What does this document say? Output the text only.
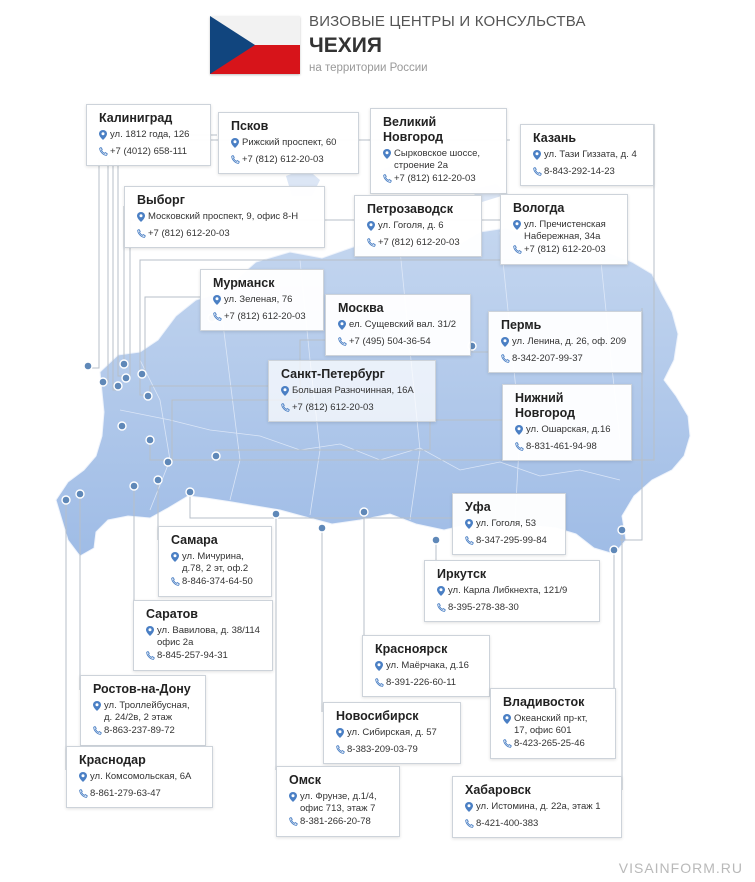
ВИЗОВЫЕ ЦЕНТРЫ И КОНСУЛЬСТВА
ЧЕХИЯ
на территории России
Калиниград
ул. 1812 года, 126
+7 (4012) 658-111
Псков
Рижский проспект, 60
+7 (812) 612-20-03
Великий Новгород
Сырковское шоссе,
строение 2а
+7 (812) 612-20-03
Казань
ул. Тази Гиззата, д. 4
8-843-292-14-23
Выборг
Московский проспект, 9, офис 8-Н
+7 (812) 612-20-03
Петрозаводск
ул. Гоголя, д. 6
+7 (812) 612-20-03
Вологда
ул. Пречистенская
Набережная, 34а
+7 (812) 612-20-03
Мурманск
ул. Зеленая, 76
+7 (812) 612-20-03
Москва
ел. Сущевский вал. 31/2
+7 (495) 504-36-54
Пермь
ул. Ленина, д. 26, оф. 209
8-342-207-99-37
Санкт-Петербург
Большая Разночинная, 16А
+7 (812) 612-20-03
Нижний Новгород
ул. Ошарская, д.16
8-831-461-94-98
Уфа
ул. Гоголя, 53
8-347-295-99-84
Самара
ул. Мичурина,
д.78, 2 эт, оф.2
8-846-374-64-50
Иркутск
ул. Карла Либкнехта, 121/9
8-395-278-38-30
Саратов
ул. Вавилова, д. 38/114
офис 2а
8-845-257-94-31	Красноярск
ул. Маёрчака, д.16
8-391-226-60-11
Ростов-на-Дону
ул. Троллейбусная,
д. 24/2в, 2 этаж
8-863-237-89-72
Владивосток
Океанский пр-кт,
17, офис 601
8-423-265-25-46
Новосибирск
ул. Сибирская, д. 57
8-383-209-03-79
Краснодар
ул. Комсомольская, 6А
8-861-279-63-47
Омск
ул. Фрунзе, д.1/4,
офис 713, этаж 7
8-381-266-20-78
Хабаровск
ул. Истомина, д. 22а, этаж 1
8-421-400-383
VISAINFORM.RU
